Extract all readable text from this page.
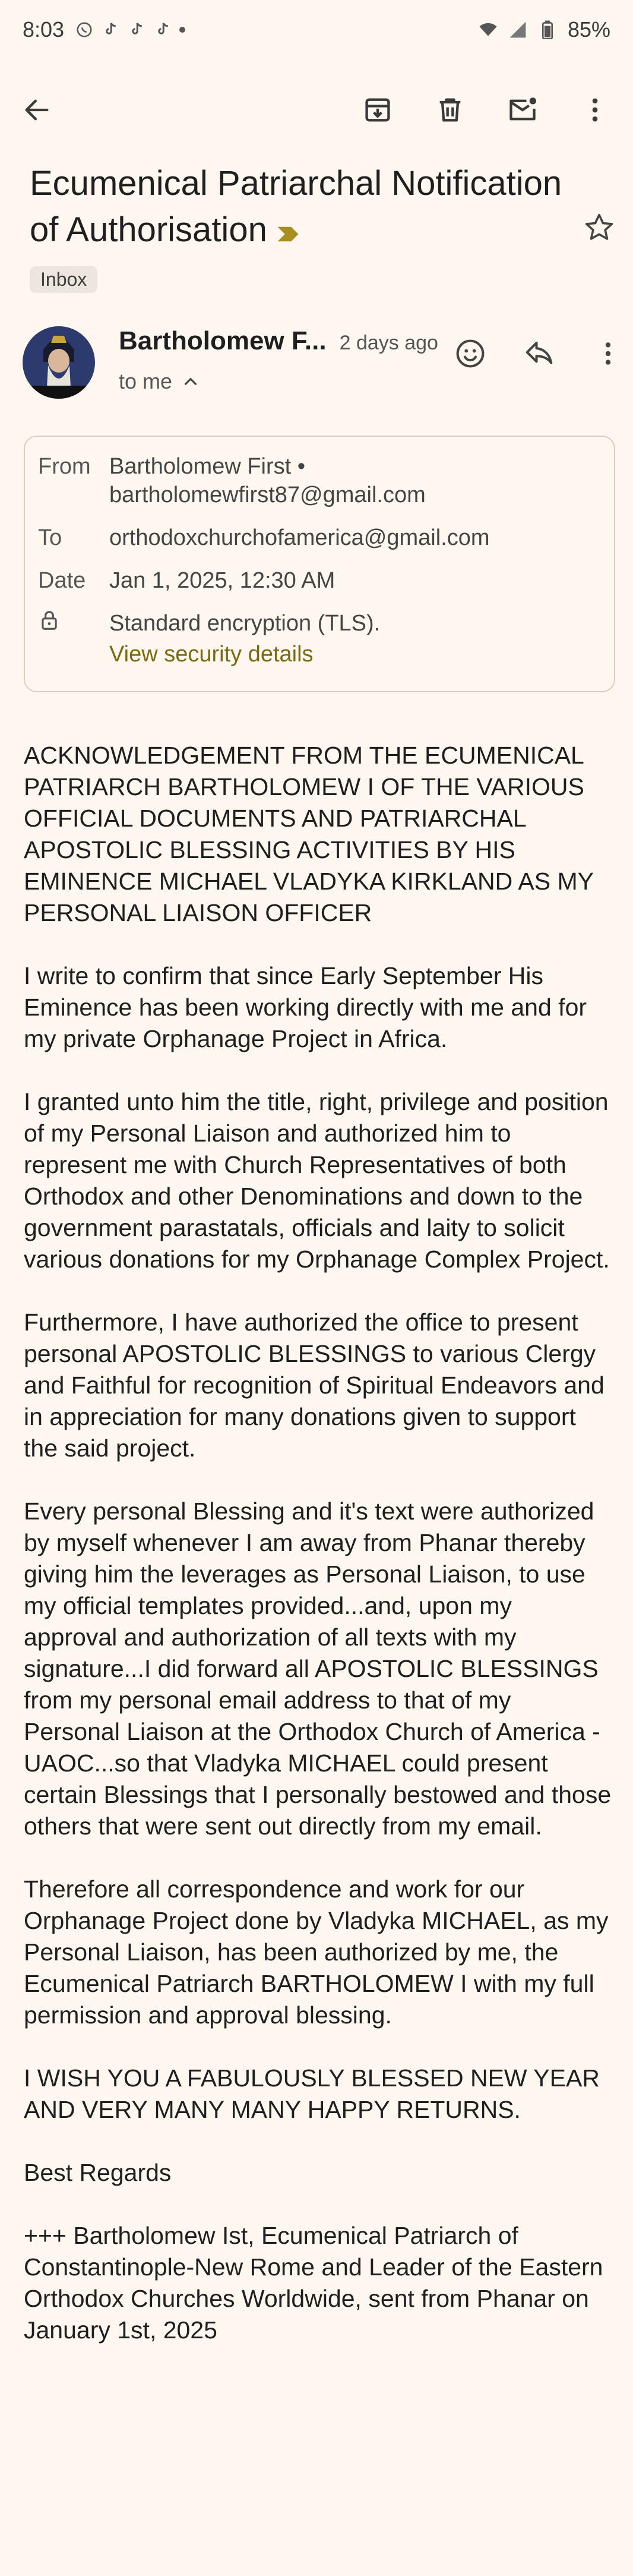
8:03	85%
Ecumenical Patriarchal Notification of Authorisation
Inbox
Bartholomew F... 2 days ago
to me
From Bartholomew First •
bartholomewfirst87@gmail.com
To	orthodoxchurchofamerica@gmail.com
Date	Jan 1, 2025, 12:30 AM
Standard encryption (TLS).
View security details

ACKNOWLEDGEMENT FROM THE ECUMENICAL PATRIARCH BARTHOLOMEW I OF THE VARIOUS OFFICIAL DOCUMENTS AND PATRIARCHAL APOSTOLIC BLESSING ACTIVITIES BY HIS EMINENCE MICHAEL VLADYKA KIRKLAND AS MY PERSONAL LIAISON OFFICER

I write to confirm that since Early September His Eminence has been working directly with me and for my private Orphanage Project in Africa.

I granted unto him the title, right, privilege and position of my Personal Liaison and authorized him to represent me with Church Representatives of both Orthodox and other Denominations and down to the government parastatals, officials and laity to solicit various donations for my Orphanage Complex Project.

Furthermore, I have authorized the office to present personal APOSTOLIC BLESSINGS to various Clergy and Faithful for recognition of Spiritual Endeavors and in appreciation for many donations given to support the said project.

Every personal Blessing and it's text were authorized by myself whenever I am away from Phanar thereby giving him the leverages as Personal Liaison, to use my official templates provided...and, upon my approval and authorization of all texts with my signature...I did forward all APOSTOLIC BLESSINGS from my personal email address to that of my Personal Liaison at the Orthodox Church of America - UAOC...so that Vladyka MICHAEL could present certain Blessings that I personally bestowed and those others that were sent out directly from my email.

Therefore all correspondence and work for our Orphanage Project done by Vladyka MICHAEL, as my Personal Liaison, has been authorized by me, the Ecumenical Patriarch BARTHOLOMEW I with my full permission and approval blessing.

I WISH YOU A FABULOUSLY BLESSED NEW YEAR AND VERY MANY MANY HAPPY RETURNS.

Best Regards

+++ Bartholomew Ist, Ecumenical Patriarch of Constantinople-New Rome and Leader of the Eastern Orthodox Churches Worldwide, sent from Phanar on January 1st, 2025
